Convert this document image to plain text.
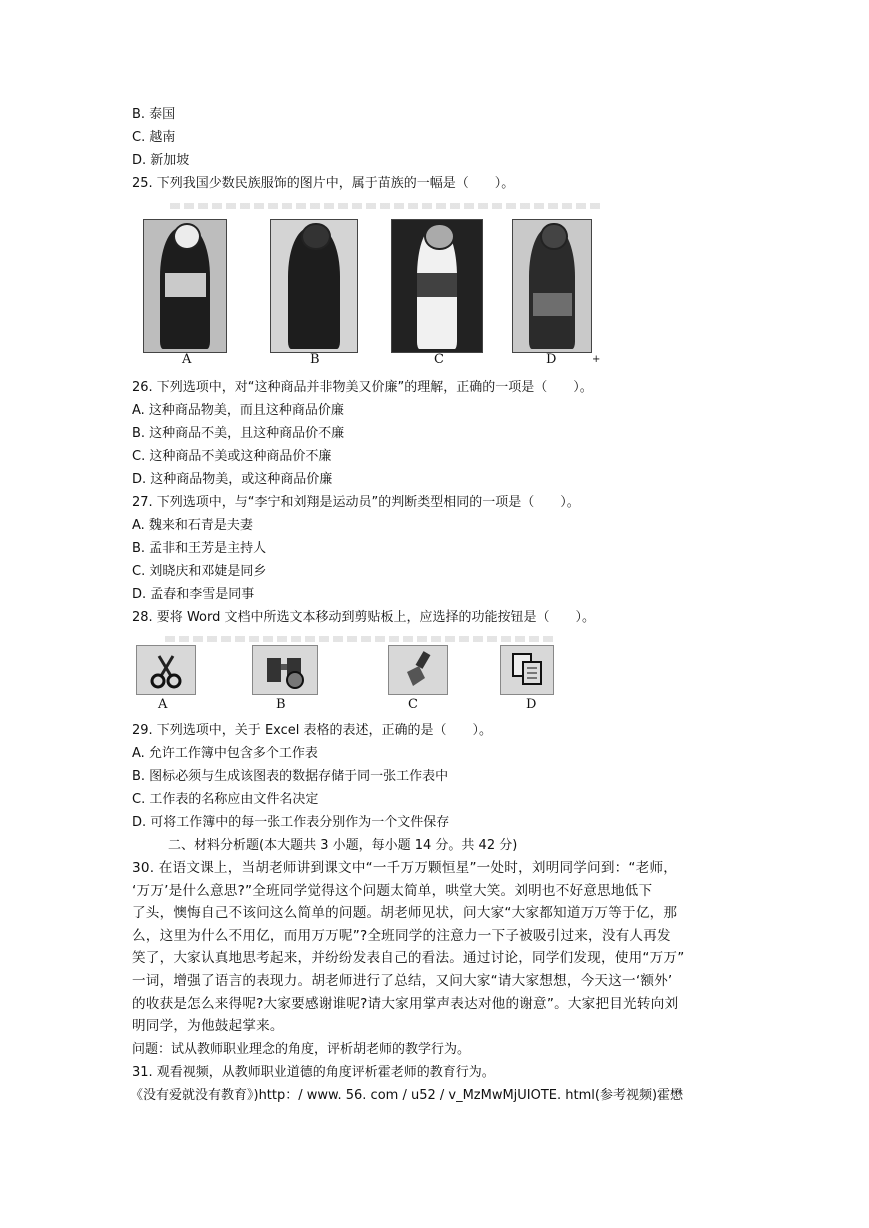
B. 泰国
C. 越南
D. 新加坡
25. 下列我国少数民族服饰的图片中，属于苗族的一幅是（　　）。
A	B	C	D	+
26. 下列选项中，对“这种商品并非物美又价廉”的理解，正确的一项是（　　）。
A. 这种商品物美，而且这种商品价廉
B. 这种商品不美，且这种商品价不廉
C. 这种商品不美或这种商品价不廉
D. 这种商品物美，或这种商品价廉
27. 下列选项中，与“李宁和刘翔是运动员”的判断类型相同的一项是（　　）。
A. 魏来和石青是夫妻
B. 孟非和王芳是主持人
C. 刘晓庆和邓婕是同乡
D. 孟春和李雪是同事
28. 要将 Word 文档中所选文本移动到剪贴板上，应选择的功能按钮是（　　）。
A	B	C	D
29. 下列选项中，关于 Excel 表格的表述，正确的是（　　）。
A. 允许工作簿中包含多个工作表
B. 图标必须与生成该图表的数据存储于同一张工作表中
C. 工作表的名称应由文件名决定
D. 可将工作簿中的每一张工作表分别作为一个文件保存
二、材料分析题(本大题共 3 小题，每小题 14 分。共 42 分)
30. 在语文课上，当胡老师讲到课文中“一千万万颗恒星”一处时，刘明同学问到：“老师，
‘万万’是什么意思?”全班同学觉得这个问题太简单，哄堂大笑。刘明也不好意思地低下
了头，懊悔自己不该问这么简单的问题。胡老师见状，问大家“大家都知道万万等于亿，那
么，这里为什么不用亿，而用万万呢”?全班同学的注意力一下子被吸引过来，没有人再发
笑了，大家认真地思考起来，并纷纷发表自己的看法。通过讨论，同学们发现，使用“万万”
一词，增强了语言的表现力。胡老师进行了总结，又问大家“请大家想想，今天这一‘额外’
的收获是怎么来得呢?大家要感谢谁呢?请大家用掌声表达对他的谢意”。大家把目光转向刘
明同学，为他鼓起掌来。
问题：试从教师职业理念的角度，评析胡老师的教学行为。
31. 观看视频，从教师职业道德的角度评析霍老师的教育行为。
《没有爱就没有教育》)http：/ www. 56. com / u52 / v_MzMwMjUIOTE. html(参考视频)霍懋
